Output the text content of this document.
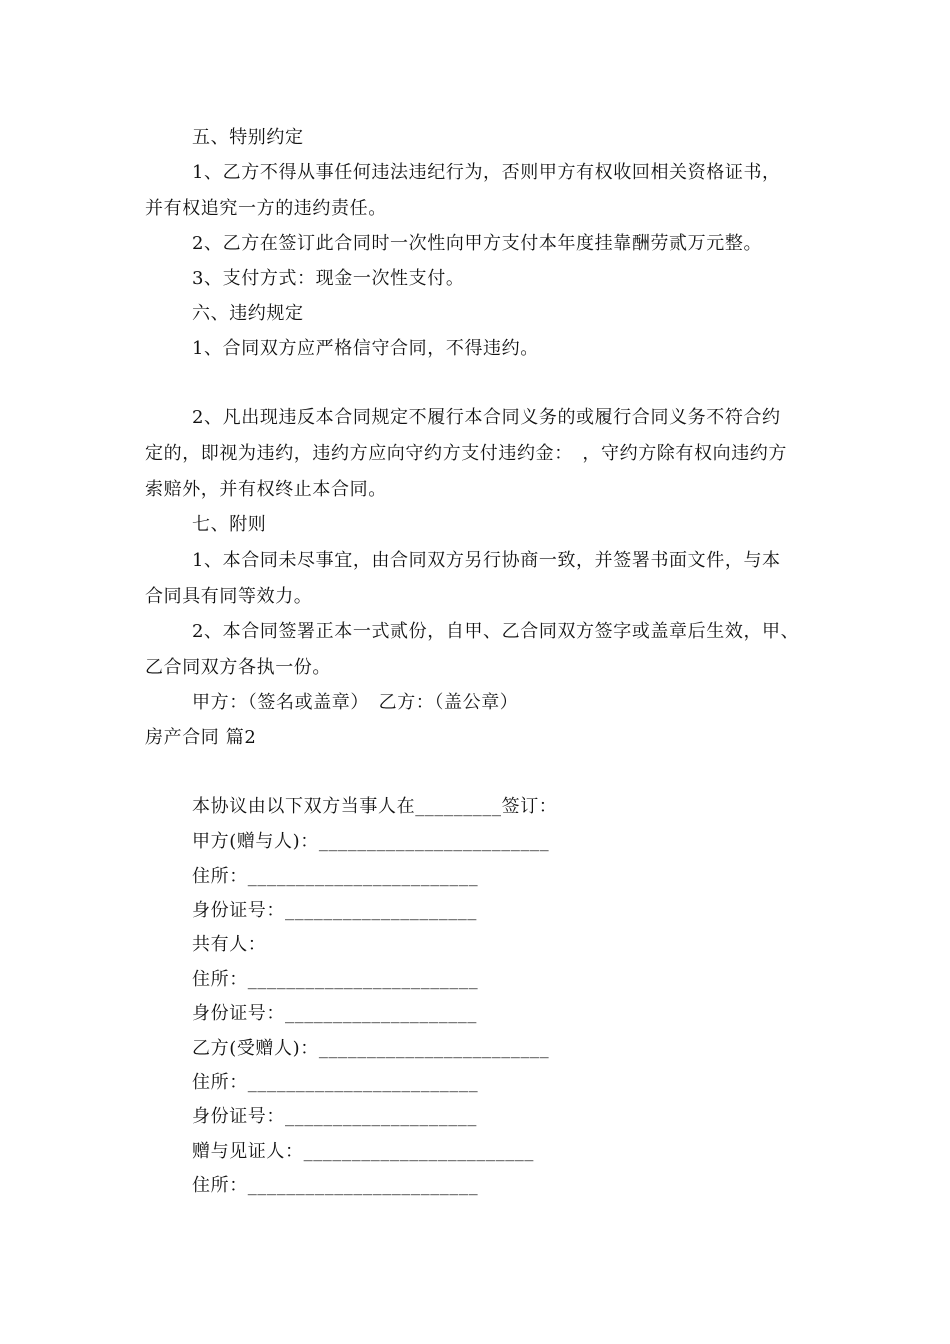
五、特别约定
1、乙方不得从事任何违法违纪行为，否则甲方有权收回相关资格证书，
并有权追究一方的违约责任。
2、乙方在签订此合同时一次性向甲方支付本年度挂靠酬劳贰万元整。
3、支付方式：现金一次性支付。
六、违约规定
1、合同双方应严格信守合同，不得违约。
2、凡出现违反本合同规定不履行本合同义务的或履行合同义务不符合约
定的，即视为违约，违约方应向守约方支付违约金：　，守约方除有权向违约方
索赔外，并有权终止本合同。
七、附则
1、本合同未尽事宜，由合同双方另行协商一致，并签署书面文件，与本
合同具有同等效力。
2、本合同签署正本一式贰份，自甲、乙合同双方签字或盖章后生效，甲、
乙合同双方各执一份。
甲方：（签名或盖章）　乙方：（盖公章）
房产合同 篇2
本协议由以下双方当事人在_________签订：
甲方(赠与人)：________________________
住所：________________________
身份证号：____________________
共有人：
住所：________________________
身份证号：____________________
乙方(受赠人)：________________________
住所：________________________
身份证号：____________________
赠与见证人：________________________
住所：________________________
